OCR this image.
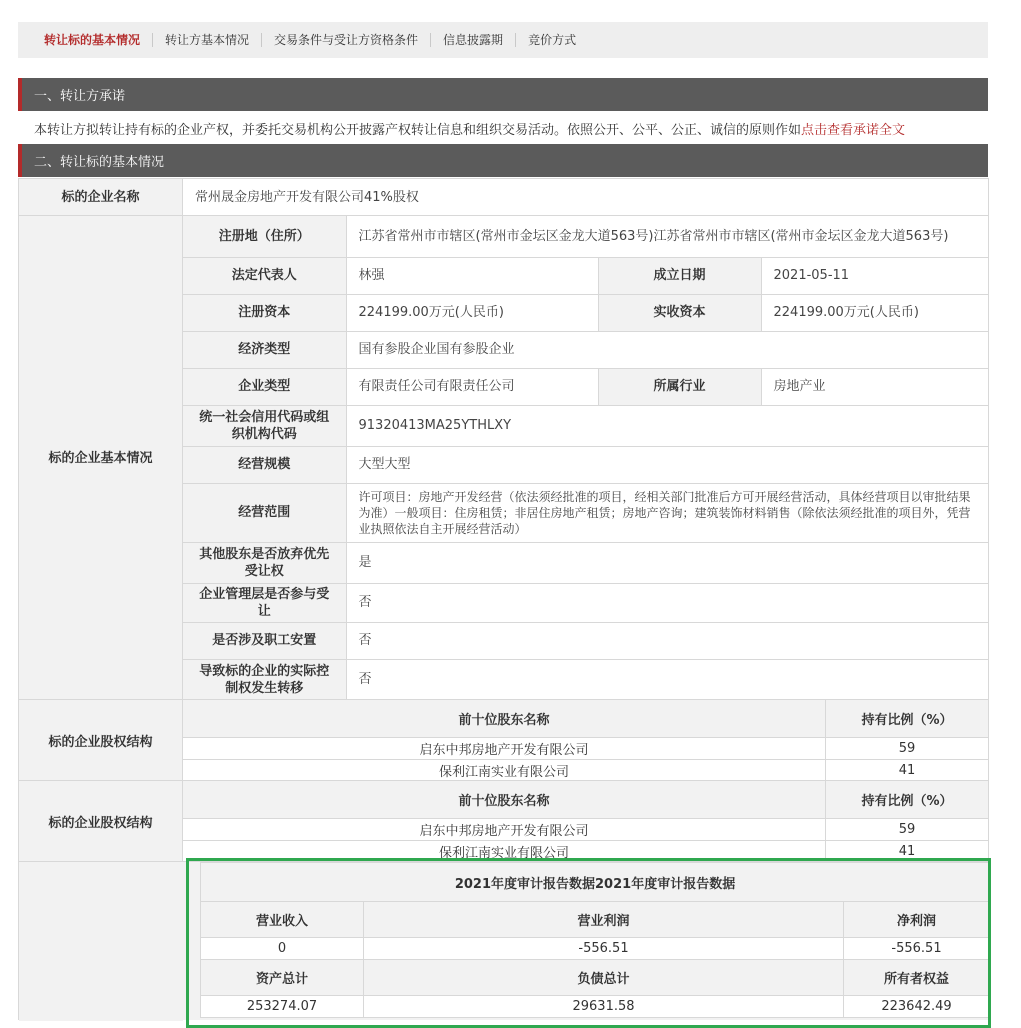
转让标的基本情况	转让方基本情况	交易条件与受让方资格条件	信息披露期	竞价方式
一、转让方承诺
本转让方拟转让持有标的企业产权，并委托交易机构公开披露产权转让信息和组织交易活动。依照公开、公平、公正、诚信的原则作如 点击查看承诺全文
二、转让标的基本情况
标的企业名称	常州晟金房地产开发有限公司41%股权
标的企业基本情况	
注册地（住所）	江苏省常州市市辖区(常州市金坛区金龙大道563号)江苏省常州市市辖区(常州市金坛区金龙大道563号)
法定代表人	林强	成立日期	2021-05-11
注册资本	224199.00万元(人民币)	实收资本	224199.00万元(人民币)
经济类型	国有参股企业国有参股企业
企业类型	有限责任公司有限责任公司	所属行业	房地产业
统一社会信用代码或组织机构代码	91320413MA25YTHLXY
经营规模	大型大型
经营范围	许可项目：房地产开发经营（依法须经批准的项目，经相关部门批准后方可开展经营活动，具体经营项目以审批结果为准）一般项目：住房租赁；非居住房地产租赁；房地产咨询；建筑装饰材料销售（除依法须经批准的项目外，凭营业执照依法自主开展经营活动）
其他股东是否放弃优先受让权	是
企业管理层是否参与受让	否
是否涉及职工安置	否
导致标的企业的实际控制权发生转移	否
标的企业股权结构	前十位股东名称	持有比例（%）
	启东中邦房地产开发有限公司	59
	保利江南实业有限公司	41
标的企业股权结构	前十位股东名称	持有比例（%）
	启东中邦房地产开发有限公司	59
	保利江南实业有限公司	41
2021年度审计报告数据2021年度审计报告数据		
营业收入	营业利润	净利润
0	-556.51	-556.51
资产总计	负债总计	所有者权益
253274.07	29631.58	223642.49
